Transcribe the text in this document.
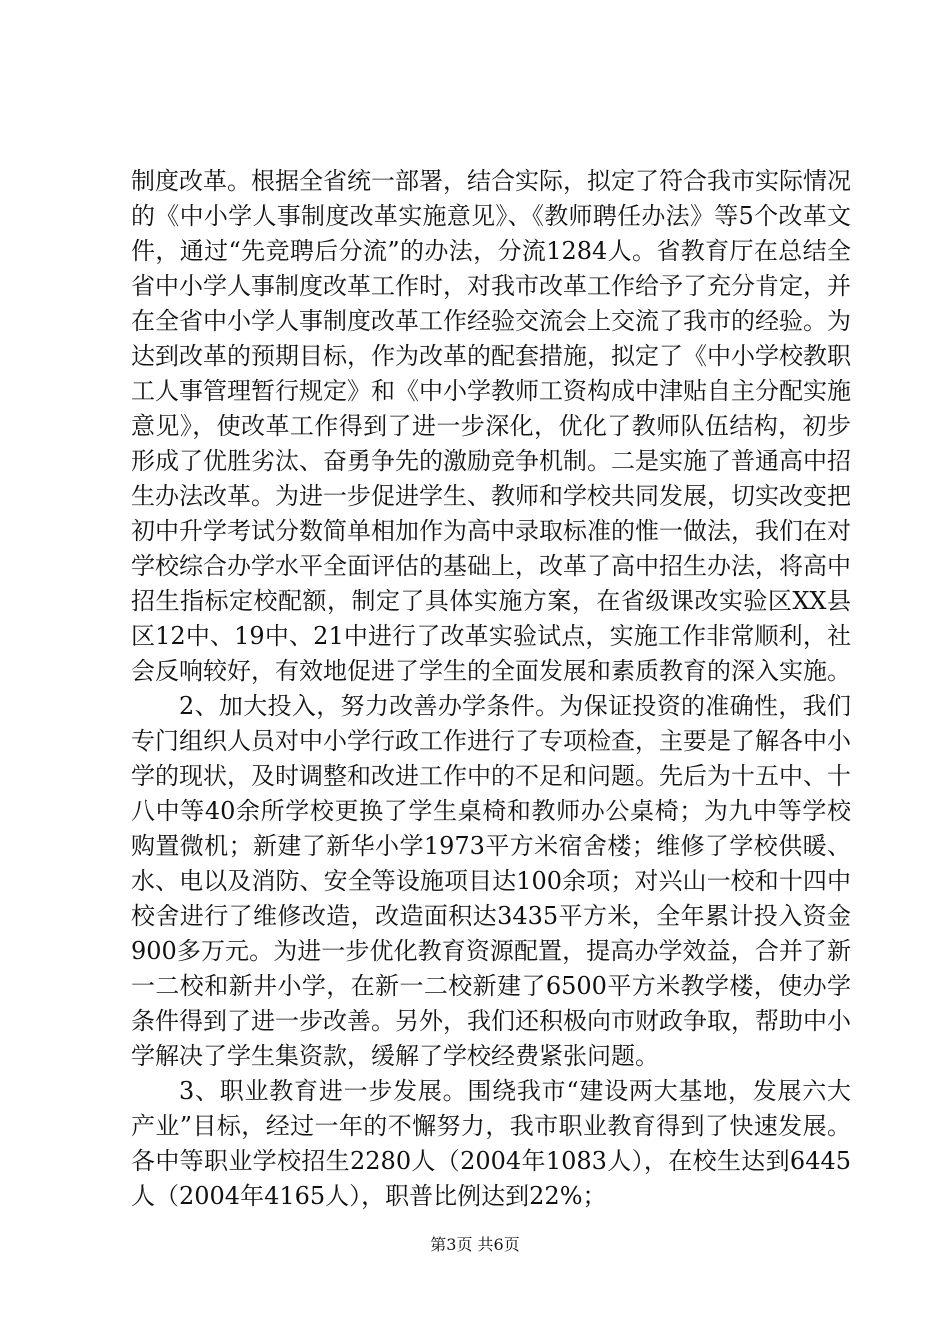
制度改革。根据全省统一部署，结合实际，拟定了符合我市实际情况的《中小学人事制度改革实施意见》、《教师聘任办法》等5个改革文件，通过“先竞聘后分流”的办法，分流1284人。省教育厅在总结全省中小学人事制度改革工作时，对我市改革工作给予了充分肯定，并在全省中小学人事制度改革工作经验交流会上交流了我市的经验。为达到改革的预期目标，作为改革的配套措施，拟定了《中小学校教职工人事管理暂行规定》和《中小学教师工资构成中津贴自主分配实施意见》，使改革工作得到了进一步深化，优化了教师队伍结构，初步形成了优胜劣汰、奋勇争先的激励竞争机制。二是实施了普通高中招生办法改革。为进一步促进学生、教师和学校共同发展，切实改变把初中升学考试分数简单相加作为高中录取标准的惟一做法，我们在对学校综合办学水平全面评估的基础上，改革了高中招生办法，将高中招生指标定校配额，制定了具体实施方案，在省级课改实验区XX县区12中、19中、21中进行了改革实验试点，实施工作非常顺利，社会反响较好，有效地促进了学生的全面发展和素质教育的深入实施。

2、加大投入，努力改善办学条件。为保证投资的准确性，我们专门组织人员对中小学行政工作进行了专项检查，主要是了解各中小学的现状，及时调整和改进工作中的不足和问题。先后为十五中、十八中等40余所学校更换了学生桌椅和教师办公桌椅；为九中等学校购置微机；新建了新华小学1973平方米宿舍楼；维修了学校供暖、水、电以及消防、安全等设施项目达100余项；对兴山一校和十四中校舍进行了维修改造，改造面积达3435平方米，全年累计投入资金900多万元。为进一步优化教育资源配置，提高办学效益，合并了新一二校和新井小学，在新一二校新建了6500平方米教学楼，使办学条件得到了进一步改善。另外，我们还积极向市财政争取，帮助中小学解决了学生集资款，缓解了学校经费紧张问题。

3、职业教育进一步发展。围绕我市“建设两大基地，发展六大产业”目标，经过一年的不懈努力，我市职业教育得到了快速发展。各中等职业学校招生2280人（2004年1083人），在校生达到6445人（2004年4165人），职普比例达到22%；

第3页 共6页
